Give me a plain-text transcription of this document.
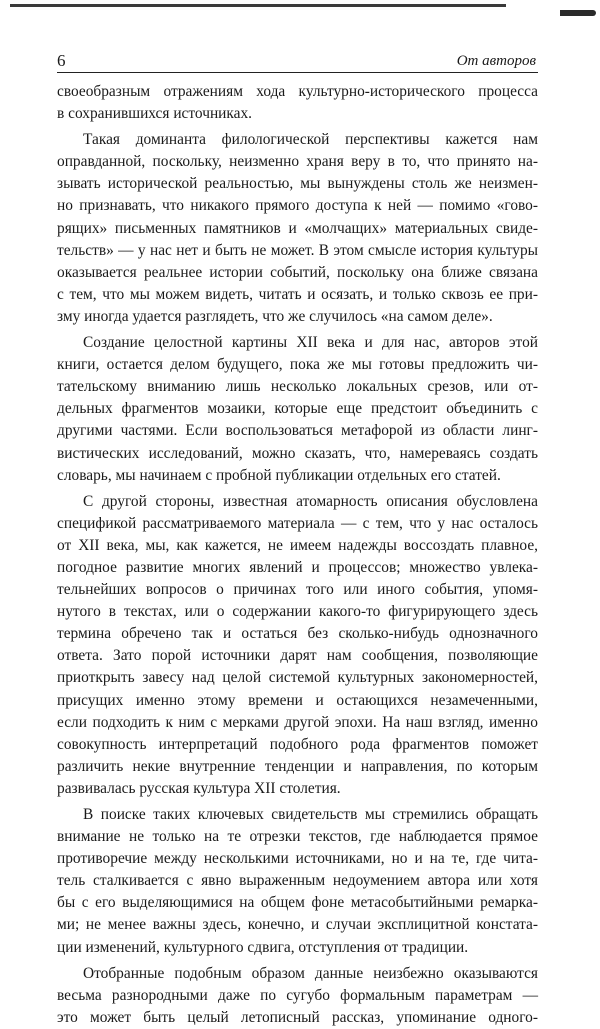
6	От авторов
своеобразным отражениям хода культурно-исторического процесса
в сохранившихся источниках.
Такая доминанта филологической перспективы кажется нам
оправданной, поскольку, неизменно храня веру в то, что принято на-
зывать исторической реальностью, мы вынуждены столь же неизмен-
но признавать, что никакого прямого доступа к ней — помимо «гово-
рящих» письменных памятников и «молчащих» материальных свиде-
тельств» — у нас нет и быть не может. В этом смысле история культуры
оказывается реальнее истории событий, поскольку она ближе связана
с тем, что мы можем видеть, читать и осязать, и только сквозь ее при-
зму иногда удается разглядеть, что же случилось «на самом деле».
Создание целостной картины XII века и для нас, авторов этой
книги, остается делом будущего, пока же мы готовы предложить чи-
тательскому вниманию лишь несколько локальных срезов, или от-
дельных фрагментов мозаики, которые еще предстоит объединить с
другими частями. Если воспользоваться метафорой из области линг-
вистических исследований, можно сказать, что, намереваясь создать
словарь, мы начинаем с пробной публикации отдельных его статей.
С другой стороны, известная атомарность описания обусловлена
спецификой рассматриваемого материала — с тем, что у нас осталось
от XII века, мы, как кажется, не имеем надежды воссоздать плавное,
погодное развитие многих явлений и процессов; множество увлека-
тельнейших вопросов о причинах того или иного события, упомя-
нутого в текстах, или о содержании какого-то фигурирующего здесь
термина обречено так и остаться без сколько-нибудь однозначного
ответа. Зато порой источники дарят нам сообщения, позволяющие
приоткрыть завесу над целой системой культурных закономерностей,
присущих именно этому времени и остающихся незамеченными,
если подходить к ним с мерками другой эпохи. На наш взгляд, именно
совокупность интерпретаций подобного рода фрагментов поможет
различить некие внутренние тенденции и направления, по которым
развивалась русская культура XII столетия.
В поиске таких ключевых свидетельств мы стремились обращать
внимание не только на те отрезки текстов, где наблюдается прямое
противоречие между несколькими источниками, но и на те, где чита-
тель сталкивается с явно выраженным недоумением автора или хотя
бы с его выделяющимися на общем фоне метасобытийными ремарка-
ми; не менее важны здесь, конечно, и случаи эксплицитной констата-
ции изменений, культурного сдвига, отступления от традиции.
Отобранные подобным образом данные неизбежно оказываются
весьма разнородными даже по сугубо формальным параметрам —
это может быть целый летописный рассказ, упоминание одного-
